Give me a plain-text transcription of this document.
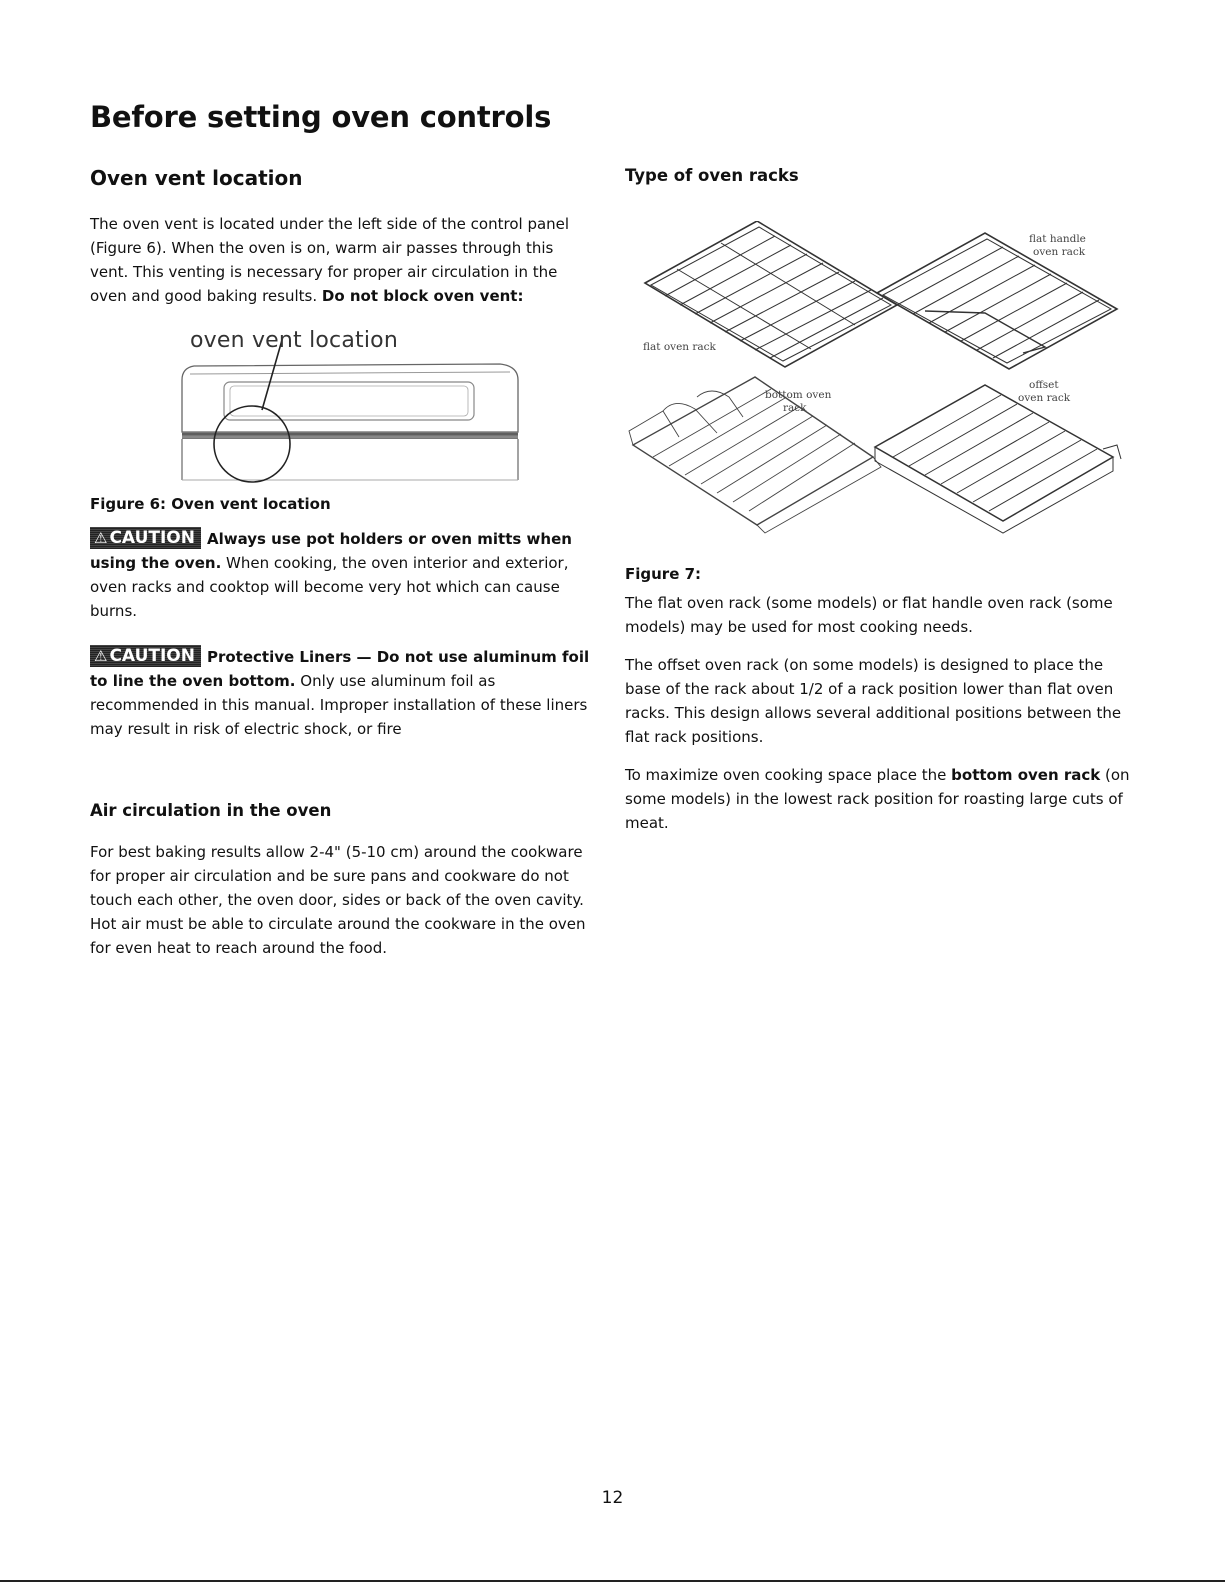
Before setting oven controls
Oven vent location

The oven vent is located under the left side of the control panel (Figure 6). When the oven is on, warm air passes through this vent. This venting is necessary for proper air circulation in the oven and good baking results. Do not block oven vent:

oven vent location
Figure 6: Oven vent location

⚠ CAUTION Always use pot holders or oven mitts when using the oven. When cooking, the oven interior and exterior, oven racks and cooktop will become very hot which can cause burns.

⚠ CAUTION Protective Liners — Do not use aluminum foil to line the oven bottom. Only use aluminum foil as recommended in this manual. Improper installation of these liners may result in risk of electric shock, or fire

Air circulation in the oven

For best baking results allow 2-4" (5-10 cm) around the cookware for proper air circulation and be sure pans and cookware do not touch each other, the oven door, sides or back of the oven cavity. Hot air must be able to circulate around the cookware in the oven for even heat to reach around the food.

Type of oven racks
flat oven rack
flat handle
oven rack
bottom oven
rack
offset
oven rack
Figure 7:

The flat oven rack (some models) or flat handle oven rack (some models) may be used for most cooking needs.

The offset oven rack (on some models) is designed to place the base of the rack about 1/2 of a rack position lower than flat oven racks. This design allows several additional positions between the flat rack positions.

To maximize oven cooking space place the bottom oven rack (on some models) in the lowest rack position for roasting large cuts of meat.

12
